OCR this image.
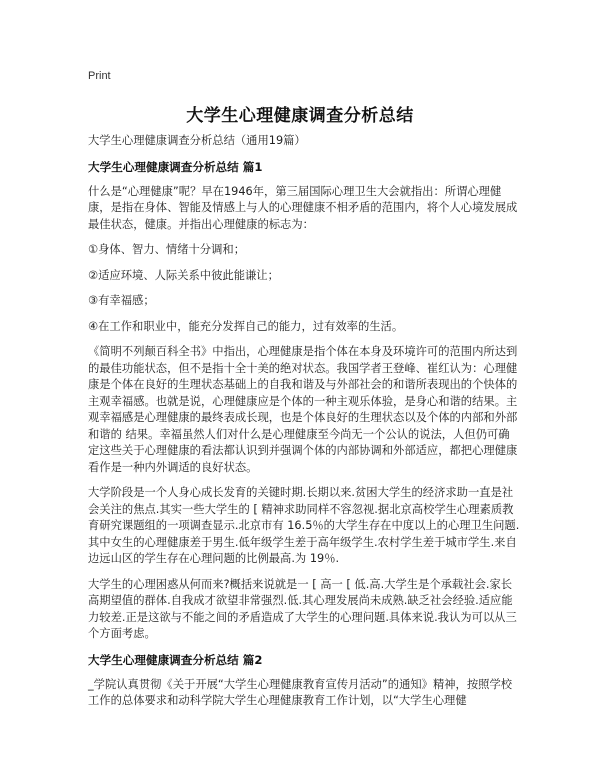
Print
大学生心理健康调查分析总结

大学生心理健康调查分析总结（通用19篇）

大学生心理健康调查分析总结 篇1

什么是“心理健康”呢？早在1946年，第三届国际心理卫生大会就指出：所谓心理健康，是指在身体、智能及情感上与人的心理健康不相矛盾的范围内，将个人心境发展成最佳状态，健康。并指出心理健康的标志为：

①身体、智力、情绪十分调和；

②适应环境、人际关系中彼此能谦让；

③有幸福感；

④在工作和职业中，能充分发挥自己的能力，过有效率的生活。

《简明不列颠百科全书》中指出，心理健康是指个体在本身及环境许可的范围内所达到的最佳功能状态，但不是指十全十美的绝对状态。我国学者王登峰、崔红认为：心理健康是个体在良好的生理状态基础上的自我和谐及与外部社会的和谐所表现出的个快体的主观幸福感。也就是说，心理健康应是个体的一种主观乐体验，是身心和谐的结果。主观幸福感是心理健康的最终表成长现，也是个体良好的生理状态以及个体的内部和外部和谐的 结果。幸福虽然人们对什么是心理健康至今尚无一个公认的说法，人但仍可确定这些关于心理健康的看法都认识到并强调个体的内部协调和外部适应，都把心理健康看作是一种内外调适的良好状态。

大学阶段是一个人身心成长发育的关键时期.长期以来.贫困大学生的经济求助一直是社会关注的焦点.其实一些大学生的 [ 精神求助同样不容忽视.据北京高校学生心理素质教育研究课题组的一项调查显示.北京市有 16.5％的大学生存在中度以上的心理卫生问题.其中女生的心理健康差于男生.低年级学生差于高年级学生.农村学生差于城市学生.来自边远山区的学生存在心理问题的比例最高.为 19％.

大学生的心理困惑从何而来?概括来说就是一 [ 高一 [ 低.高.大学生是个承载社会.家长高期望值的群体.自我成才欲望非常强烈.低.其心理发展尚未成熟.缺乏社会经验.适应能力较差.正是这欲与不能之间的矛盾造成了大学生的心理问题.具体来说.我认为可以从三个方面考虑。

大学生心理健康调查分析总结 篇2

_学院认真贯彻《关于开展“大学生心理健康教育宣传月活动”的通知》精神，按照学校工作的总体要求和动科学院大学生心理健康教育工作计划，以“大学生心理健
